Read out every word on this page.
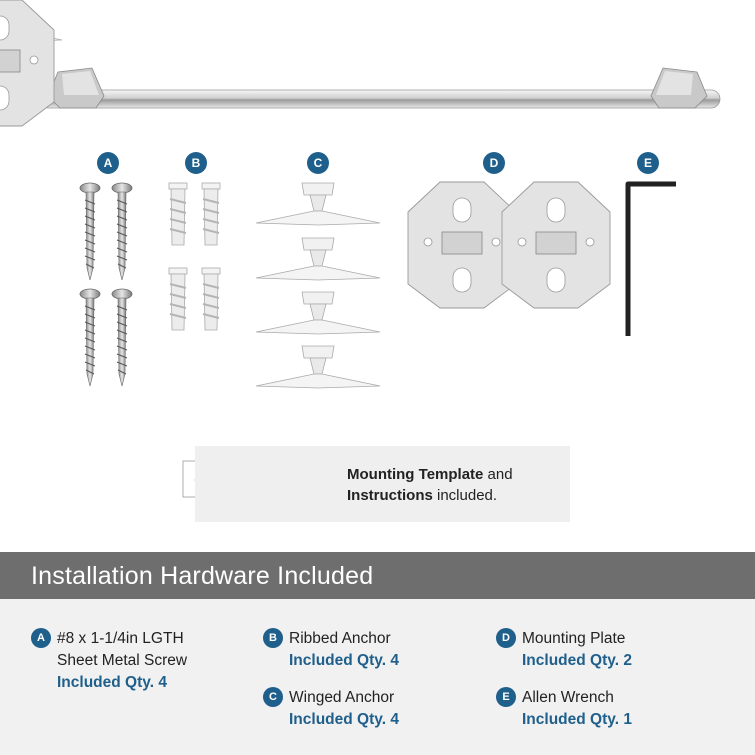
A	B	C	D	E
Mounting Template and
Instructions included.
Installation Hardware Included
A #8 x 1-1/4in LGTH
Sheet Metal Screw
Included Qty. 4
B Ribbed Anchor
Included Qty. 4
C Winged Anchor
Included Qty. 4
D Mounting Plate
Included Qty. 2
E Allen Wrench
Included Qty. 1
